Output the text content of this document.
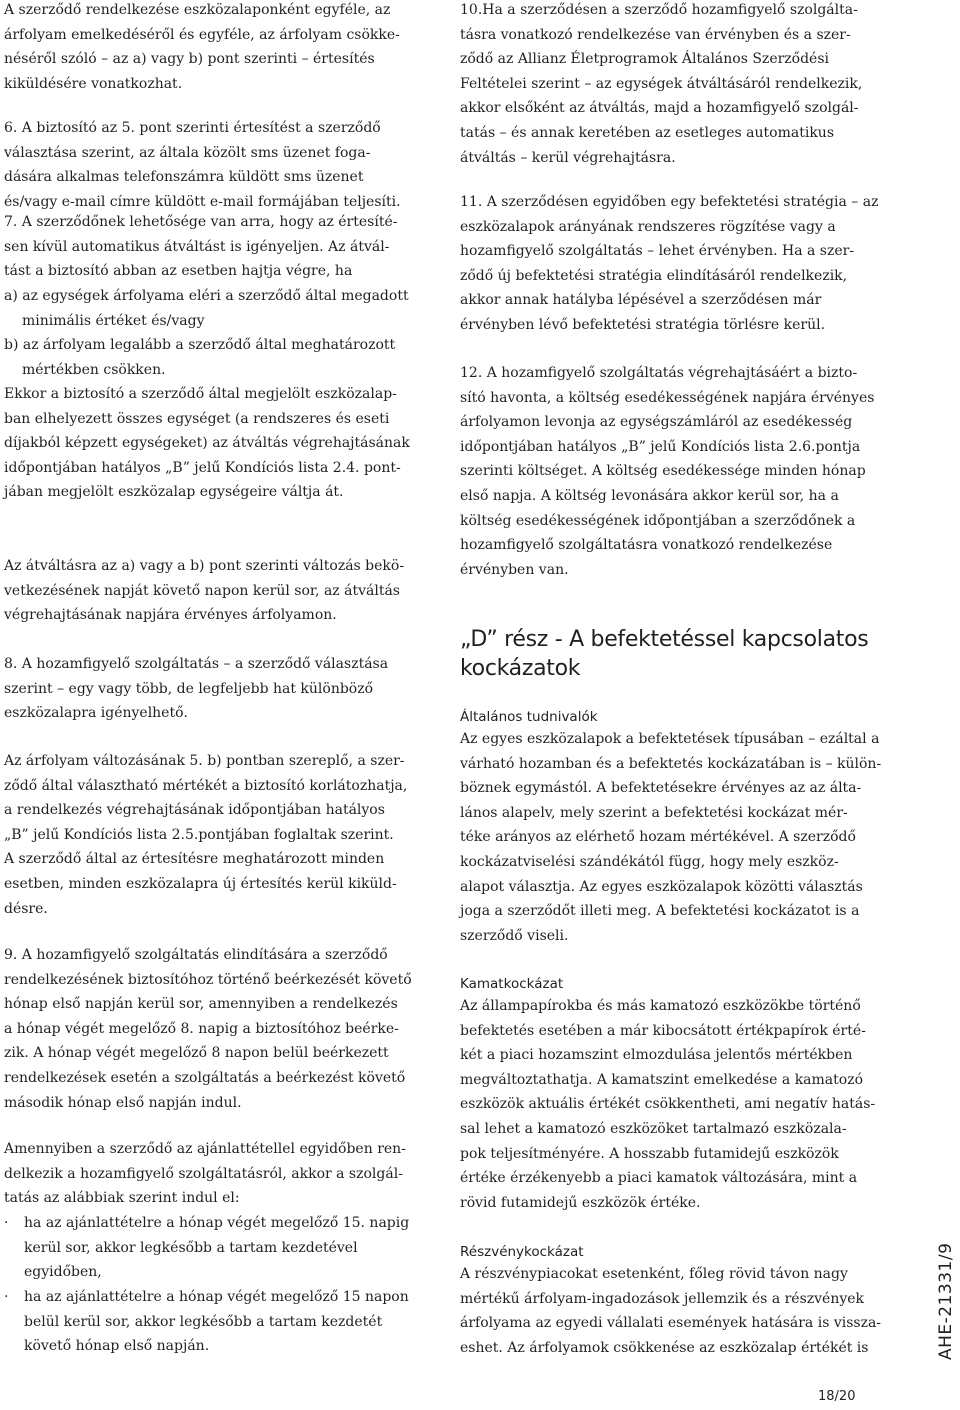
A szerződő rendelkezése eszközalaponként egyféle, az
árfolyam emelkedéséről és egyféle, az árfolyam csökke-
néséről szóló – az a) vagy b) pont szerinti – értesítés
kiküldésére vonatkozhat.
6. A biztosító az 5. pont szerinti értesítést a szerződő
választása szerint, az általa közölt sms üzenet foga-
dására alkalmas telefonszámra küldött sms üzenet
és/vagy e-mail címre küldött e-mail formájában teljesíti.
7. A szerződőnek lehetősége van arra, hogy az értesíté-
sen kívül automatikus átváltást is igényeljen. Az átvál-
tást a biztosító abban az esetben hajtja végre, ha
a) az egységek árfolyama eléri a szerződő által megadott
minimális értéket és/vagy
b) az árfolyam legalább a szerződő által meghatározott
mértékben csökken.
Ekkor a biztosító a szerződő által megjelölt eszközalap-
ban elhelyezett összes egységet (a rendszeres és eseti
díjakból képzett egységeket) az átváltás végrehajtásának
időpontjában hatályos „B” jelű Kondíciós lista 2.4. pont-
jában megjelölt eszközalap egységeire váltja át.
Az átváltásra az a) vagy a b) pont szerinti változás bekö-
vetkezésének napját követő napon kerül sor, az átváltás
végrehajtásának napjára érvényes árfolyamon.
8. A hozamfigyelő szolgáltatás – a szerződő választása
szerint – egy vagy több, de legfeljebb hat különböző
eszközalapra igényelhető.
Az árfolyam változásának 5. b) pontban szereplő, a szer-
ződő által választható mértékét a biztosító korlátozhatja,
a rendelkezés végrehajtásának időpontjában hatályos
„B” jelű Kondíciós lista 2.5.pontjában foglaltak szerint.
A szerződő által az értesítésre meghatározott minden
esetben, minden eszközalapra új értesítés kerül kiküld-
désre.
9. A hozamfigyelő szolgáltatás elindítására a szerződő
rendelkezésének biztosítóhoz történő beérkezését követő
hónap első napján kerül sor, amennyiben a rendelkezés
a hónap végét megelőző 8. napig a biztosítóhoz beérke-
zik. A hónap végét megelőző 8 napon belül beérkezett
rendelkezések esetén a szolgáltatás a beérkezést követő
második hónap első napján indul.
Amennyiben a szerződő az ajánlattétellel egyidőben ren-
delkezik a hozamfigyelő szolgáltatásról, akkor a szolgál-
tatás az alábbiak szerint indul el:
· ha az ajánlattételre a hónap végét megelőző 15. napig
kerül sor, akkor legkésőbb a tartam kezdetével
egyidőben,
· ha az ajánlattételre a hónap végét megelőző 15 napon
belül kerül sor, akkor legkésőbb a tartam kezdetét
követő hónap első napján.
10.Ha a szerződésen a szerződő hozamfigyelő szolgálta-
tásra vonatkozó rendelkezése van érvényben és a szer-
ződő az Allianz Életprogramok Általános Szerződési
Feltételei szerint – az egységek átváltásáról rendelkezik,
akkor elsőként az átváltás, majd a hozamfigyelő szolgál-
tatás – és annak keretében az esetleges automatikus
átváltás – kerül végrehajtásra.
11. A szerződésen egyidőben egy befektetési stratégia – az
eszközalapok arányának rendszeres rögzítése vagy a
hozamfigyelő szolgáltatás – lehet érvényben. Ha a szer-
ződő új befektetési stratégia elindításáról rendelkezik,
akkor annak hatályba lépésével a szerződésen már
érvényben lévő befektetési stratégia törlésre kerül.
12. A hozamfigyelő szolgáltatás végrehajtásáért a bizto-
sító havonta, a költség esedékességének napjára érvényes
árfolyamon levonja az egységszámláról az esedékesség
időpontjában hatályos „B” jelű Kondíciós lista 2.6.pontja
szerinti költséget. A költség esedékessége minden hónap
első napja. A költség levonására akkor kerül sor, ha a
költség esedékességének időpontjában a szerződőnek a
hozamfigyelő szolgáltatásra vonatkozó rendelkezése
érvényben van.
„D” rész - A befektetéssel kapcsolatos
kockázatok
Általános tudnivalók
Az egyes eszközalapok a befektetések típusában – ezáltal a
várható hozamban és a befektetés kockázatában is – külön-
böznek egymástól. A befektetésekre érvényes az az álta-
lános alapelv, mely szerint a befektetési kockázat mér-
téke arányos az elérhető hozam mértékével. A szerződő
kockázatviselési szándékától függ, hogy mely eszköz-
alapot választja. Az egyes eszközalapok közötti választás
joga a szerződőt illeti meg. A befektetési kockázatot is a
szerződő viseli.
Kamatkockázat
Az állampapírokba és más kamatozó eszközökbe történő
befektetés esetében a már kibocsátott értékpapírok érté-
két a piaci hozamszint elmozdulása jelentős mértékben
megváltoztathatja. A kamatszint emelkedése a kamatozó
eszközök aktuális értékét csökkentheti, ami negatív hatás-
sal lehet a kamatozó eszközöket tartalmazó eszközala-
pok teljesítményére. A hosszabb futamidejű eszközök
értéke érzékenyebb a piaci kamatok változására, mint a
rövid futamidejű eszközök értéke.
Részvénykockázat
A részvénypiacokat esetenként, főleg rövid távon nagy
mértékű árfolyam-ingadozások jellemzik és a részvények
árfolyama az egyedi vállalati események hatására is vissza-
eshet. Az árfolyamok csökkenése az eszközalap értékét is	AHE-21331/9
18/20
